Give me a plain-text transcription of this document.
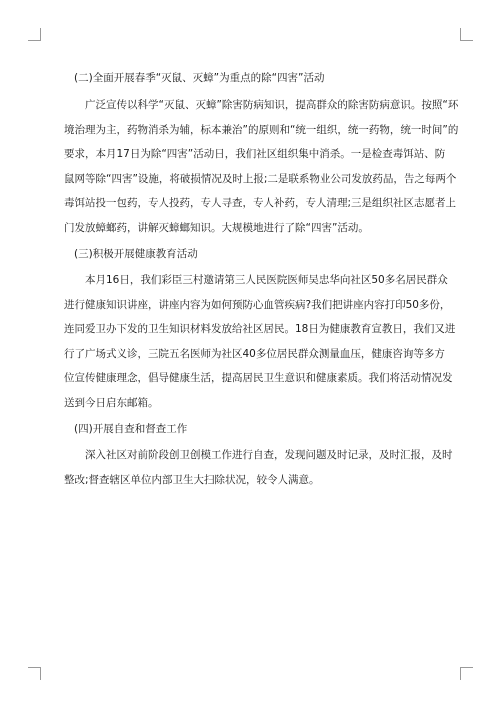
(二)全面开展春季“灭鼠、灭蟑”为重点的除“四害”活动

广泛宣传以科学“灭鼠、灭蟑”除害防病知识，提高群众的除害防病意识。按照“环
境治理为主，药物消杀为辅，标本兼治”的原则和“统一组织，统一药物，统一时间”的
要求，本月17日为除“四害”活动日，我们社区组织集中消杀。一是检查毒饵站、防
鼠网等除“四害”设施，将破损情况及时上报;二是联系物业公司发放药品，告之每两个
毒饵站投一包药，专人投药，专人寻查，专人补药，专人清理;三是组织社区志愿者上
门发放蟑螂药，讲解灭蟑螂知识。大规模地进行了除“四害”活动。

(三)积极开展健康教育活动

本月16日，我们彩臣三村邀请第三人民医院医师吴忠华向社区50多名居民群众
进行健康知识讲座，讲座内容为如何预防心血管疾病?我们把讲座内容打印50多份，
连同爱卫办下发的卫生知识材料发放给社区居民。18日为健康教育宣教日，我们又进
行了广场式义诊，三院五名医师为社区40多位居民群众测量血压，健康咨询等多方
位宣传健康理念，倡导健康生活，提高居民卫生意识和健康素质。我们将活动情况发
送到今日启东邮箱。

(四)开展自查和督查工作

深入社区对前阶段创卫创模工作进行自查，发现问题及时记录，及时汇报，及时
整改;督查辖区单位内部卫生大扫除状况，较令人满意。
